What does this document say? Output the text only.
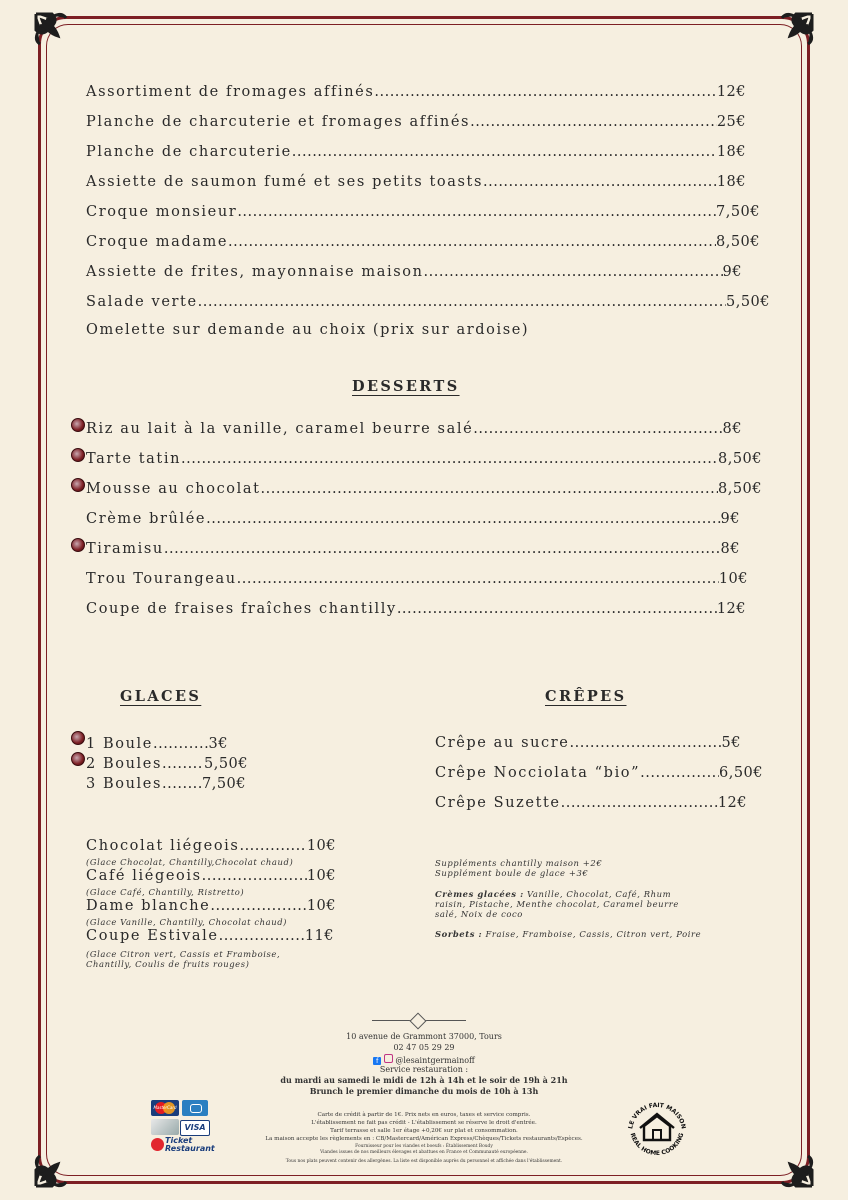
Assortiment de fromages affinés .....	12€
Planche de charcuterie et fromages affinés .....	25€
Planche de charcuterie .....	18€
Assiette de saumon fumé et ses petits toasts .....	18€
Croque monsieur .....	7,50€
Croque madame .....	8,50€
Assiette de frites, mayonnaise maison .....	9€
Salade verte .....	5,50€
Omelette sur demande au choix (prix sur ardoise)
DESSERTS
Riz au lait à la vanille, caramel beurre salé .....	8€
Tarte tatin .....	8,50€
Mousse au chocolat .....	8,50€
Crème brûlée .....	9€
Tiramisu .....	8€
Trou Tourangeau .....	10€
Coupe de fraises fraîches chantilly .....	12€
GLACES
1 Boule .....	3€
2 Boules .....	5,50€
3 Boules .....	7,50€
Chocolat liégeois .....	10€
(Glace Chocolat, Chantilly,Chocolat chaud)
Café liégeois .....	10€
(Glace Café, Chantilly, Ristretto)
Dame blanche .....	10€
(Glace Vanille, Chantilly, Chocolat chaud)
Coupe Estivale .....	11€
(Glace Citron vert, Cassis et Framboise, Chantilly, Coulis de fruits rouges)
CRÊPES
Crêpe au sucre .....	5€
Crêpe Nocciolata “bio” .....	6,50€
Crêpe Suzette .....	12€
Suppléments chantilly maison +2€
Supplément boule de glace +3€
Crèmes glacées : Vanille, Chocolat, Café, Rhum raisin, Pistache, Menthe chocolat, Caramel beurre salé, Noix de coco
Sorbets : Fraise, Framboise, Cassis, Citron vert, Poire
10 avenue de Grammont 37000, Tours
02 47 05 29 29
f @lesaintgermainoff
Service restauration :
du mardi au samedi le midi de 12h à 14h et le soir de 19h à 21h
Brunch le premier dimanche du mois de 10h à 13h
Carte de crédit à partir de 1€. Prix nets en euros, taxes et service compris.
L'établissement ne fait pas crédit - L'établissement se réserve le droit d'entrée.
Tarif terrasse et salle 1er étage +0,20€ sur plat et consommation.
La maison accepte les règlements en : CB/Mastercard/Américan Express/Chèques/Tickets restaurants/Espèces.
Fournisseur pour les viandes et boeufs : Établissement Boudy
Viandes issues de nos meilleurs élevages et abattues en France et Communauté européenne.
Tous nos plats peuvent contenir des allergènes. La liste est disponible auprès du personnel et affichée dans l'établissement.
MasterCard
VISA
Ticket Restaurant
LE VRAI FAIT MAISON
REAL HOME COOKING
